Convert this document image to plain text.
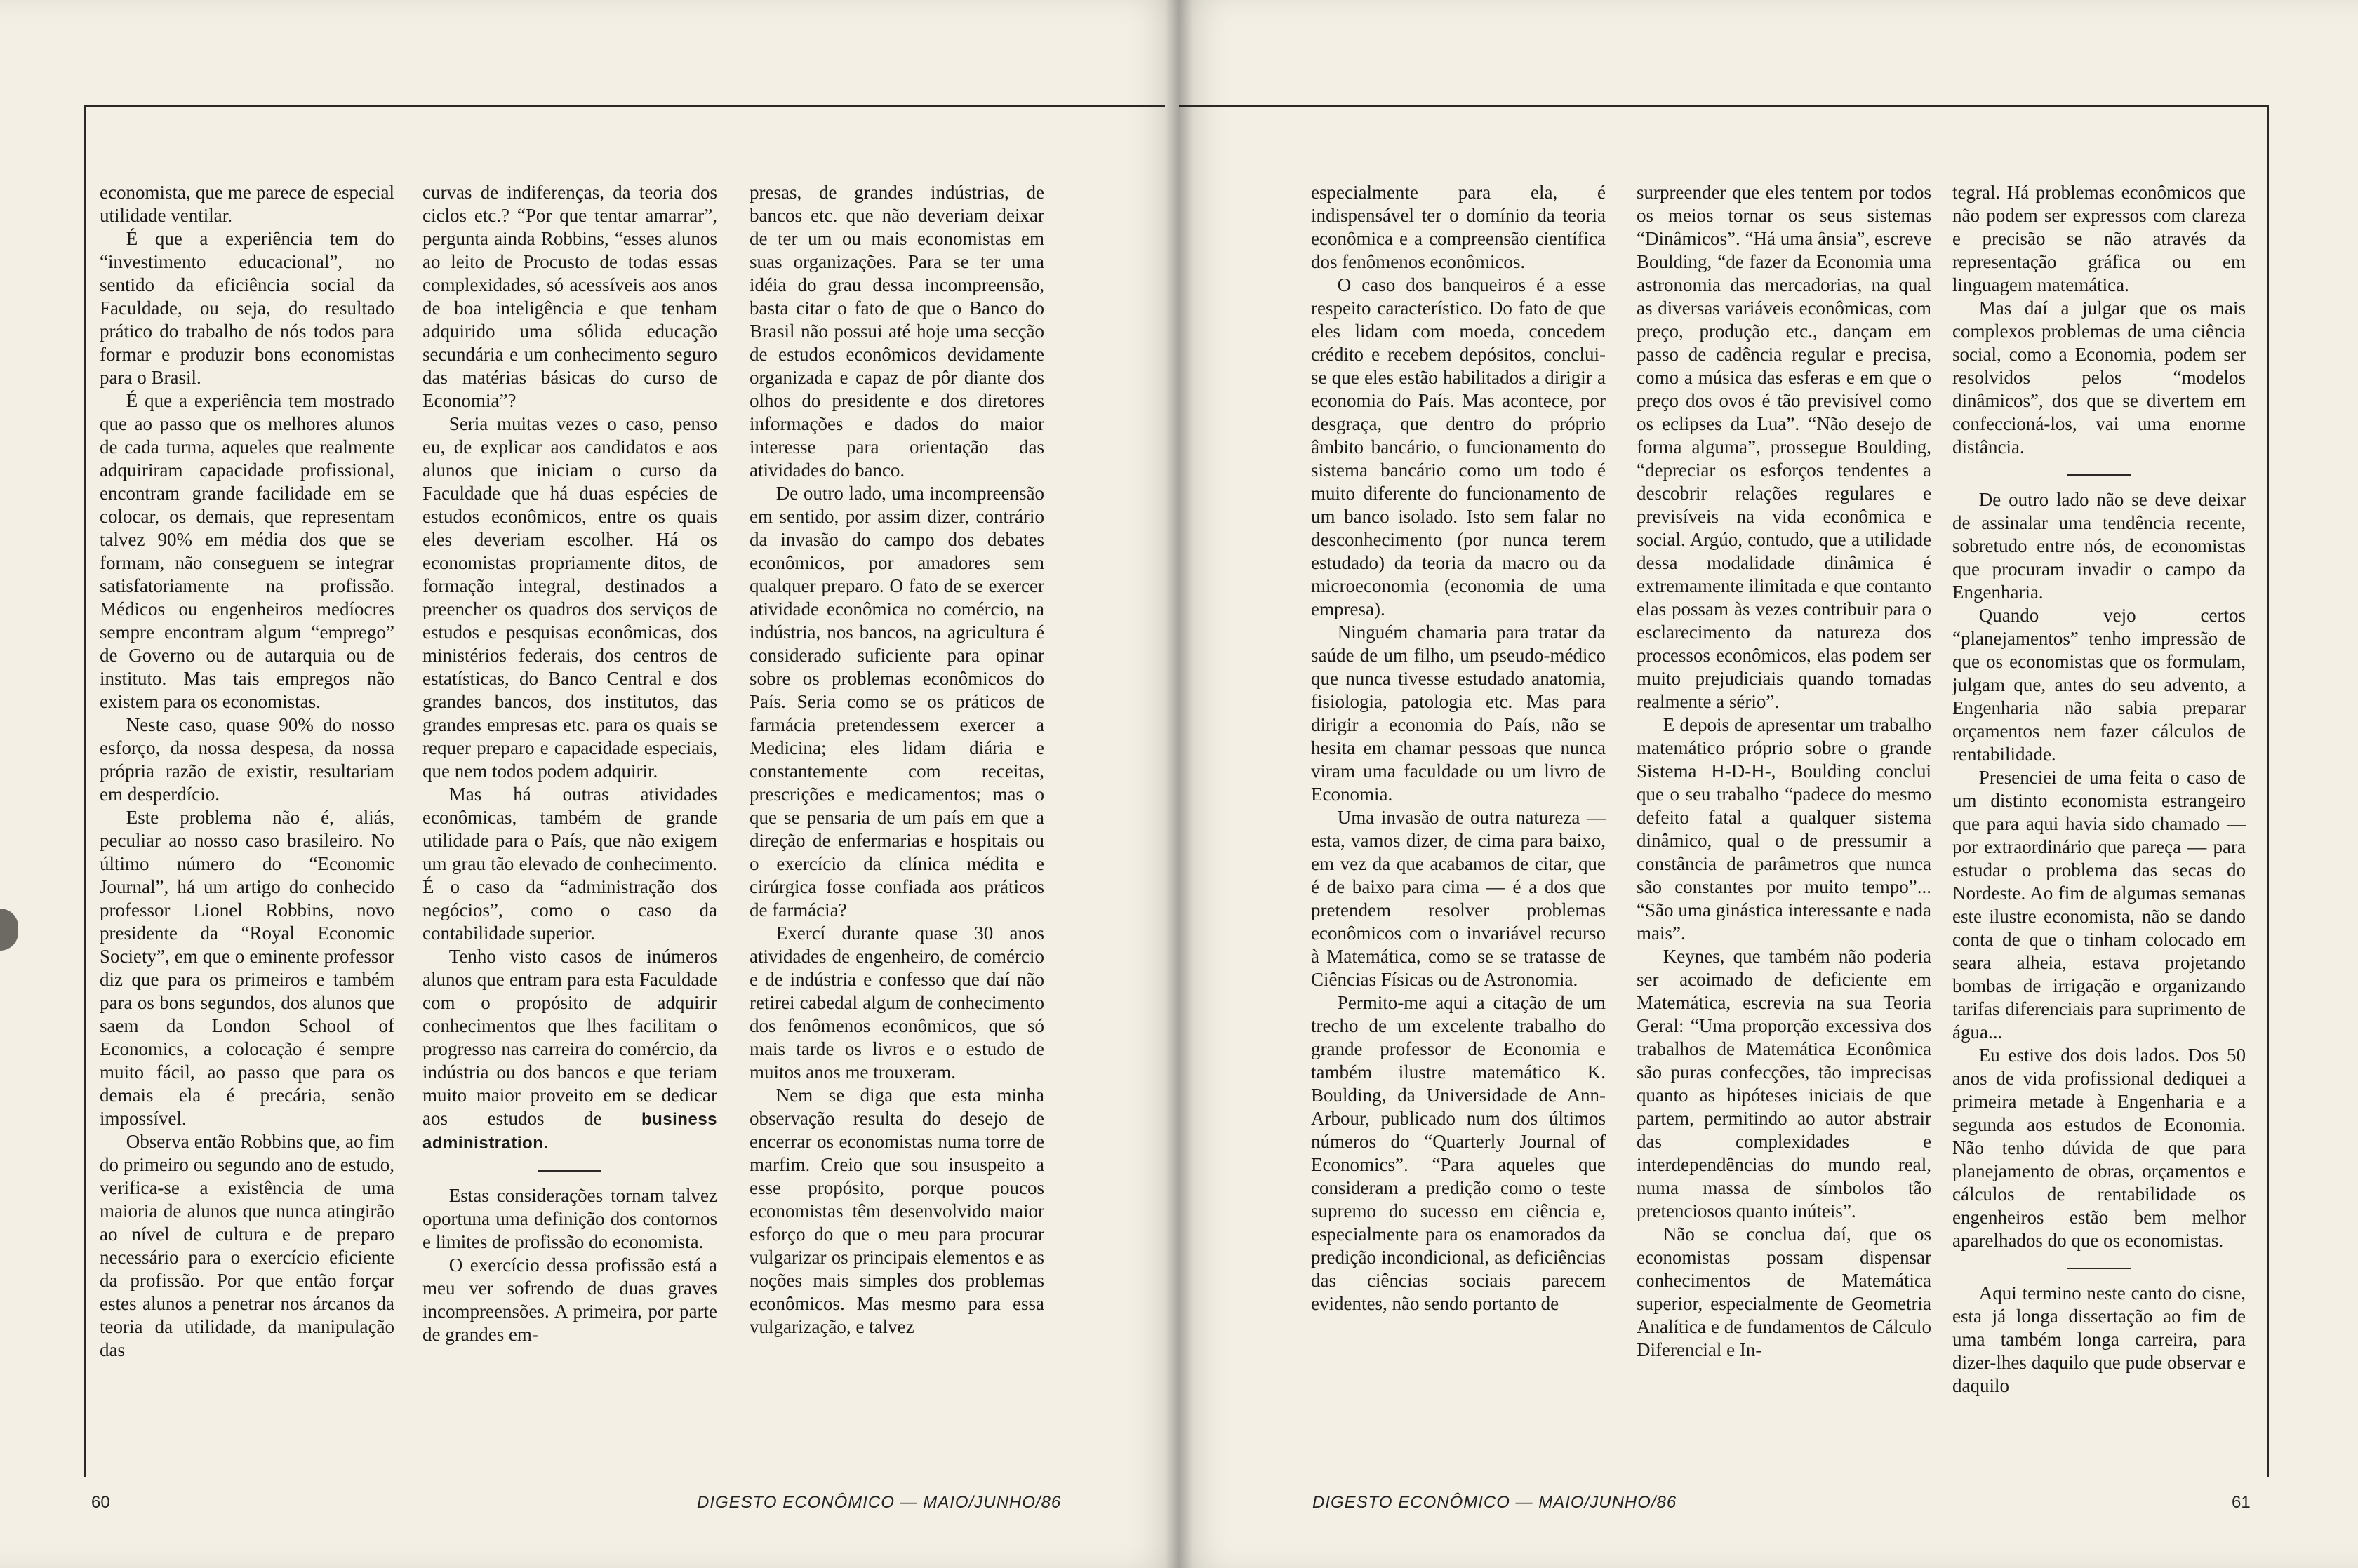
economista, que me parece de especial utilidade ventilar.

É que a experiência tem do “investimento educacional”, no sentido da eficiência social da Faculdade, ou seja, do resultado prático do trabalho de nós todos para formar e produzir bons economistas para o Brasil.

É que a experiência tem mostrado que ao passo que os melhores alunos de cada turma, aqueles que realmente adquiriram capacidade profissional, encontram grande facilidade em se colocar, os demais, que representam talvez 90% em média dos que se formam, não conseguem se integrar satisfatoriamente na profissão. Médicos ou engenheiros medíocres sempre encontram algum “emprego” de Governo ou de autarquia ou de instituto. Mas tais empregos não existem para os economistas.

Neste caso, quase 90% do nosso esforço, da nossa despesa, da nossa própria razão de existir, resultariam em desperdício.

Este problema não é, aliás, peculiar ao nosso caso brasileiro. No último número do “Economic Journal”, há um artigo do conhecido professor Lionel Robbins, novo presidente da “Royal Economic Society”, em que o eminente professor diz que para os primeiros e também para os bons segundos, dos alunos que saem da London School of Economics, a colocação é sempre muito fácil, ao passo que para os demais ela é precária, senão impossível.

Observa então Robbins que, ao fim do primeiro ou segundo ano de estudo, verifica-se a existência de uma maioria de alunos que nunca atingirão ao nível de cultura e de preparo necessário para o exercício eficiente da profissão. Por que então forçar estes alunos a penetrar nos árcanos da teoria da utilidade, da manipulação das

curvas de indiferenças, da teoria dos ciclos etc.? “Por que tentar amarrar”, pergunta ainda Robbins, “esses alunos ao leito de Procusto de todas essas complexidades, só acessíveis aos anos de boa inteligência e que tenham adquirido uma sólida educação secundária e um conhecimento seguro das matérias básicas do curso de Economia”?

Seria muitas vezes o caso, penso eu, de explicar aos candidatos e aos alunos que iniciam o curso da Faculdade que há duas espécies de estudos econômicos, entre os quais eles deveriam escolher. Há os economistas propriamente ditos, de formação integral, destinados a preencher os quadros dos serviços de estudos e pesquisas econômicas, dos ministérios federais, dos centros de estatísticas, do Banco Central e dos grandes bancos, dos institutos, das grandes empresas etc. para os quais se requer preparo e capacidade especiais, que nem todos podem adquirir.

Mas há outras atividades econômicas, também de grande utilidade para o País, que não exigem um grau tão elevado de conhecimento. É o caso da “administração dos negócios”, como o caso da contabilidade superior.

Tenho visto casos de inúmeros alunos que entram para esta Faculdade com o propósito de adquirir conhecimentos que lhes facilitam o progresso nas carreira do comércio, da indústria ou dos bancos e que teriam muito maior proveito em se dedicar aos estudos de business administration.

Estas considerações tornam talvez oportuna uma definição dos contornos e limites de profissão do economista.

O exercício dessa profissão está a meu ver sofrendo de duas graves incompreensões. A primeira, por parte de grandes em-

presas, de grandes indústrias, de bancos etc. que não deveriam deixar de ter um ou mais economistas em suas organizações. Para se ter uma idéia do grau dessa incompreensão, basta citar o fato de que o Banco do Brasil não possui até hoje uma secção de estudos econômicos devidamente organizada e capaz de pôr diante dos olhos do presidente e dos diretores informações e dados do maior interesse para orientação das atividades do banco.

De outro lado, uma incompreensão em sentido, por assim dizer, contrário da invasão do campo dos debates econômicos, por amadores sem qualquer preparo. O fato de se exercer atividade econômica no comércio, na indústria, nos bancos, na agricultura é considerado suficiente para opinar sobre os problemas econômicos do País. Seria como se os práticos de farmácia pretendessem exercer a Medicina; eles lidam diária e constantemente com receitas, prescrições e medicamentos; mas o que se pensaria de um país em que a direção de enfermarias e hospitais ou o exercício da clínica médita e cirúrgica fosse confiada aos práticos de farmácia?

Exercí durante quase 30 anos atividades de engenheiro, de comércio e de indústria e confesso que daí não retirei cabedal algum de conhecimento dos fenômenos econômicos, que só mais tarde os livros e o estudo de muitos anos me trouxeram.

Nem se diga que esta minha observação resulta do desejo de encerrar os economistas numa torre de marfim. Creio que sou insuspeito a esse propósito, porque poucos economistas têm desenvolvido maior esforço do que o meu para procurar vulgarizar os principais elementos e as noções mais simples dos problemas econômicos. Mas mesmo para essa vulgarização, e talvez

60	DIGESTO ECONÔMICO — MAIO/JUNHO/86

especialmente para ela, é indispensável ter o domínio da teoria econômica e a compreensão científica dos fenômenos econômicos.

O caso dos banqueiros é a esse respeito característico. Do fato de que eles lidam com moeda, concedem crédito e recebem depósitos, conclui-se que eles estão habilitados a dirigir a economia do País. Mas acontece, por desgraça, que dentro do próprio âmbito bancário, o funcionamento do sistema bancário como um todo é muito diferente do funcionamento de um banco isolado. Isto sem falar no desconhecimento (por nunca terem estudado) da teoria da macro ou da microeconomia (economia de uma empresa).

Ninguém chamaria para tratar da saúde de um filho, um pseudo-médico que nunca tivesse estudado anatomia, fisiologia, patologia etc. Mas para dirigir a economia do País, não se hesita em chamar pessoas que nunca viram uma faculdade ou um livro de Economia.

Uma invasão de outra natureza — esta, vamos dizer, de cima para baixo, em vez da que acabamos de citar, que é de baixo para cima — é a dos que pretendem resolver problemas econômicos com o invariável recurso à Matemática, como se se tratasse de Ciências Físicas ou de Astronomia.

Permito-me aqui a citação de um trecho de um excelente trabalho do grande professor de Economia e também ilustre matemático K. Boulding, da Universidade de Ann-Arbour, publicado num dos últimos números do “Quarterly Journal of Economics”. “Para aqueles que consideram a predição como o teste supremo do sucesso em ciência e, especialmente para os enamorados da predição incondicional, as deficiências das ciências sociais parecem evidentes, não sendo portanto de

surpreender que eles tentem por todos os meios tornar os seus sistemas “Dinâmicos”. “Há uma ânsia”, escreve Boulding, “de fazer da Economia uma astronomia das mercadorias, na qual as diversas variáveis econômicas, com preço, produção etc., dançam em passo de cadência regular e precisa, como a música das esferas e em que o preço dos ovos é tão previsível como os eclipses da Lua”. “Não desejo de forma alguma”, prossegue Boulding, “depreciar os esforços tendentes a descobrir relações regulares e previsíveis na vida econômica e social. Argúo, contudo, que a utilidade dessa modalidade dinâmica é extremamente ilimitada e que contanto elas possam às vezes contribuir para o esclarecimento da natureza dos processos econômicos, elas podem ser muito prejudiciais quando tomadas realmente a sério”.

E depois de apresentar um trabalho matemático próprio sobre o grande Sistema H-D-H-, Boulding conclui que o seu trabalho “padece do mesmo defeito fatal a qualquer sistema dinâmico, qual o de pressumir a constância de parâmetros que nunca são constantes por muito tempo”... “São uma ginástica interessante e nada mais”.

Keynes, que também não poderia ser acoimado de deficiente em Matemática, escrevia na sua Teoria Geral: “Uma proporção excessiva dos trabalhos de Matemática Econômica são puras confecções, tão imprecisas quanto as hipóteses iniciais de que partem, permitindo ao autor abstrair das complexidades e interdependências do mundo real, numa massa de símbolos tão pretenciosos quanto inúteis”.

Não se conclua daí, que os economistas possam dispensar conhecimentos de Matemática superior, especialmente de Geometria Analítica e de fundamentos de Cálculo Diferencial e In-

tegral. Há problemas econômicos que não podem ser expressos com clareza e precisão se não através da representação gráfica ou em linguagem matemática.

Mas daí a julgar que os mais complexos problemas de uma ciência social, como a Economia, podem ser resolvidos pelos “modelos dinâmicos”, dos que se divertem em confeccioná-los, vai uma enorme distância.

De outro lado não se deve deixar de assinalar uma tendência recente, sobretudo entre nós, de economistas que procuram invadir o campo da Engenharia.

Quando vejo certos “planejamentos” tenho impressão de que os economistas que os formulam, julgam que, antes do seu advento, a Engenharia não sabia preparar orçamentos nem fazer cálculos de rentabilidade.

Presenciei de uma feita o caso de um distinto economista estrangeiro que para aqui havia sido chamado — por extraordinário que pareça — para estudar o problema das secas do Nordeste. Ao fim de algumas semanas este ilustre economista, não se dando conta de que o tinham colocado em seara alheia, estava projetando bombas de irrigação e organizando tarifas diferenciais para suprimento de água...

Eu estive dos dois lados. Dos 50 anos de vida profissional dediquei a primeira metade à Engenharia e a segunda aos estudos de Economia. Não tenho dúvida de que para planejamento de obras, orçamentos e cálculos de rentabilidade os engenheiros estão bem melhor aparelhados do que os economistas.

Aqui termino neste canto do cisne, esta já longa dissertação ao fim de uma também longa carreira, para dizer-lhes daquilo que pude observar e daquilo

DIGESTO ECONÔMICO — MAIO/JUNHO/86	61
